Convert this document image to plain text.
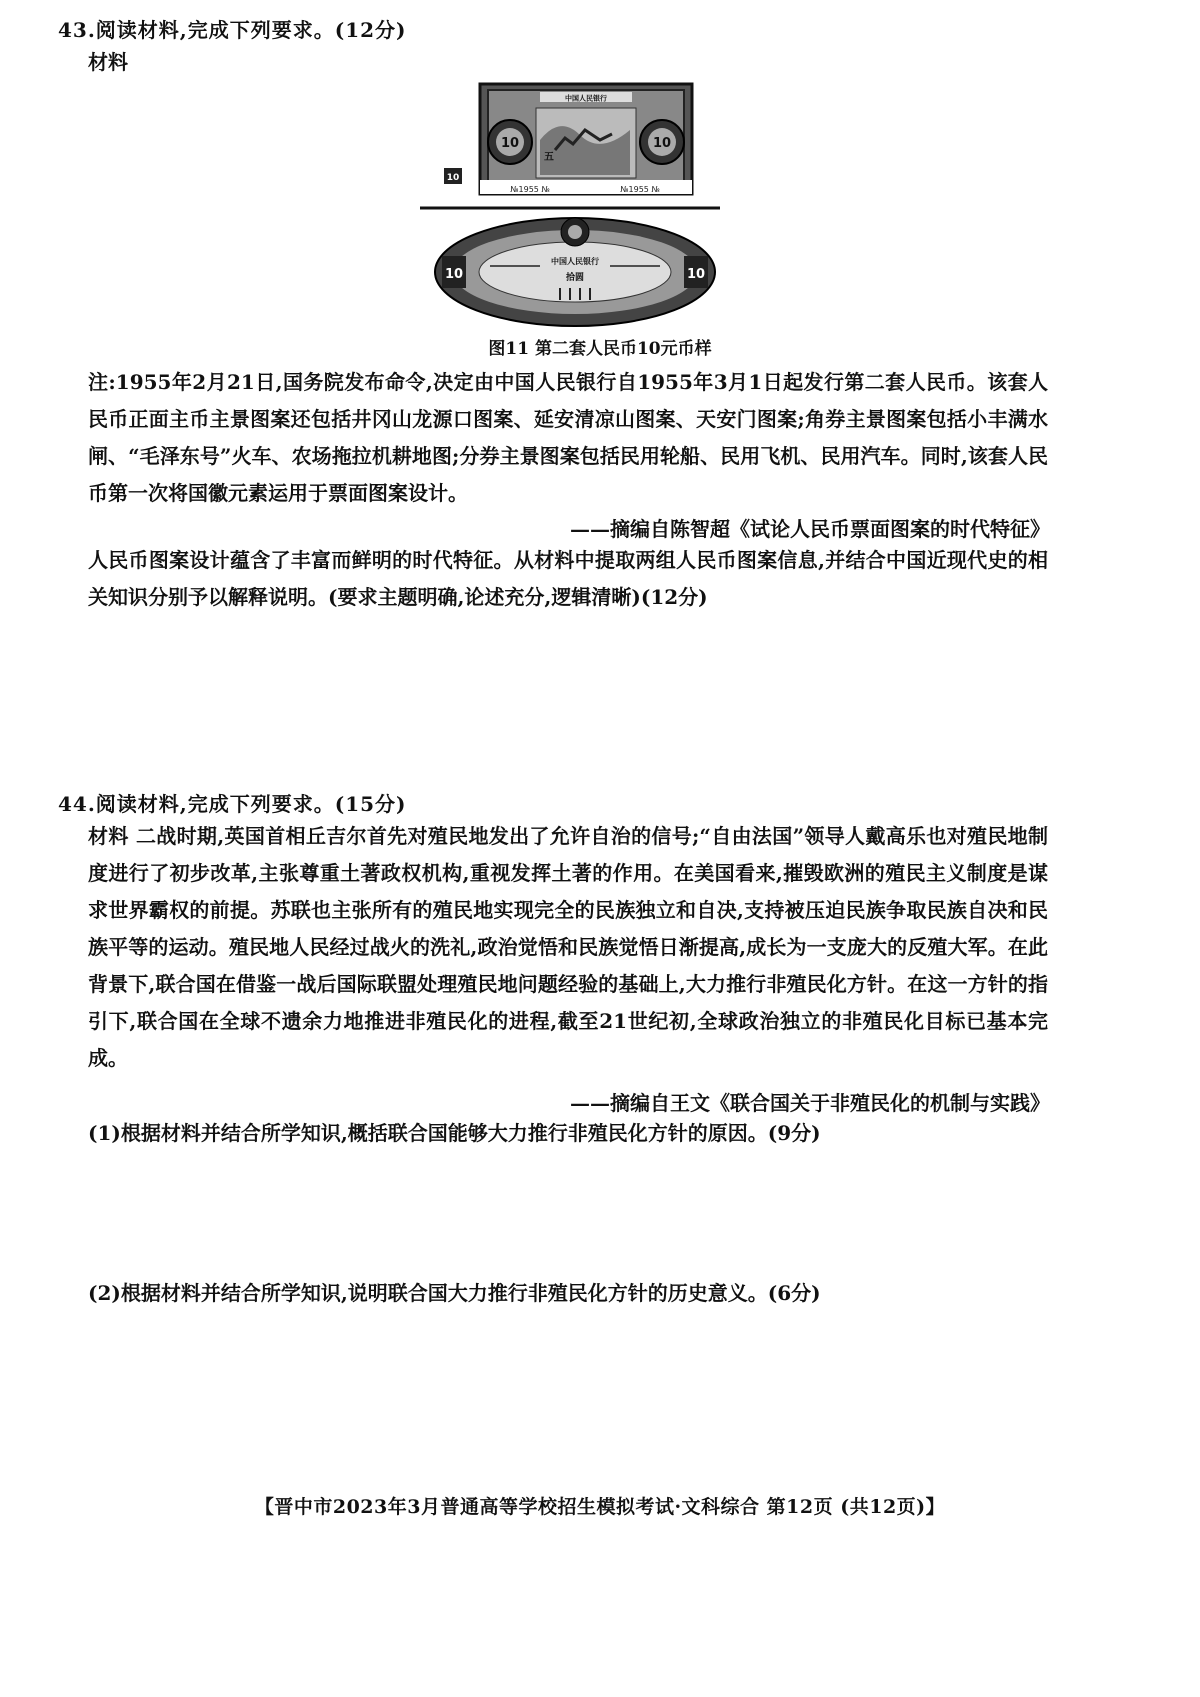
43.阅读材料,完成下列要求。(12分)
材料
中国人民银行
10	10
五
№1955 №	№1955 №
10
中国人民银行
拾圆
10	10
图11 第二套人民币10元币样
注:1955年2月21日,国务院发布命令,决定由中国人民银行自1955年3月1日起发行第二套人民币。该套人民币正面主币主景图案还包括井冈山龙源口图案、延安清凉山图案、天安门图案;角券主景图案包括小丰满水闸、“毛泽东号”火车、农场拖拉机耕地图;分券主景图案包括民用轮船、民用飞机、民用汽车。同时,该套人民币第一次将国徽元素运用于票面图案设计。
——摘编自陈智超《试论人民币票面图案的时代特征》
人民币图案设计蕴含了丰富而鲜明的时代特征。从材料中提取两组人民币图案信息,并结合中国近现代史的相关知识分别予以解释说明。(要求主题明确,论述充分,逻辑清晰)(12分)
44.阅读材料,完成下列要求。(15分)
材料 二战时期,英国首相丘吉尔首先对殖民地发出了允许自治的信号;“自由法国”领导人戴高乐也对殖民地制度进行了初步改革,主张尊重土著政权机构,重视发挥土著的作用。在美国看来,摧毁欧洲的殖民主义制度是谋求世界霸权的前提。苏联也主张所有的殖民地实现完全的民族独立和自决,支持被压迫民族争取民族自决和民族平等的运动。殖民地人民经过战火的洗礼,政治觉悟和民族觉悟日渐提高,成长为一支庞大的反殖大军。在此背景下,联合国在借鉴一战后国际联盟处理殖民地问题经验的基础上,大力推行非殖民化方针。在这一方针的指引下,联合国在全球不遗余力地推进非殖民化的进程,截至21世纪初,全球政治独立的非殖民化目标已基本完成。
——摘编自王文《联合国关于非殖民化的机制与实践》
(1)根据材料并结合所学知识,概括联合国能够大力推行非殖民化方针的原因。(9分)
(2)根据材料并结合所学知识,说明联合国大力推行非殖民化方针的历史意义。(6分)
【晋中市2023年3月普通高等学校招生模拟考试·文科综合 第12页 (共12页)】
